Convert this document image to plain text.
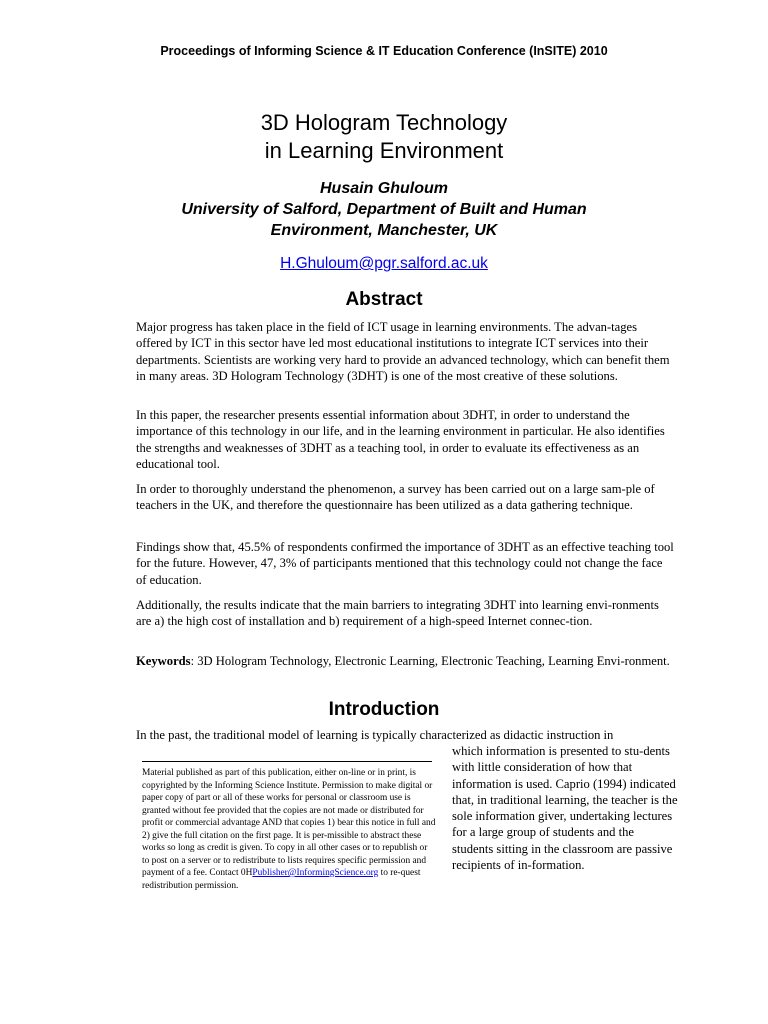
Proceedings of Informing Science & IT Education Conference (InSITE) 2010
3D Hologram Technology
in Learning Environment
Husain Ghuloum
University of Salford, Department of Built and Human
Environment, Manchester, UK
H.Ghuloum@pgr.salford.ac.uk
Abstract

Major progress has taken place in the field of ICT usage in learning environments. The advan-tages offered by ICT in this sector have led most educational institutions to integrate ICT services into their departments. Scientists are working very hard to provide an advanced technology, which can benefit them in many areas. 3D Hologram Technology (3DHT) is one of the most creative of these solutions.

In this paper, the researcher presents essential information about 3DHT, in order to understand the importance of this technology in our life, and in the learning environment in particular. He also identifies the strengths and weaknesses of 3DHT as a teaching tool, in order to evaluate its effectiveness as an educational tool.

In order to thoroughly understand the phenomenon, a survey has been carried out on a large sam-ple of teachers in the UK, and therefore the questionnaire has been utilized as a data gathering technique.

Findings show that, 45.5% of respondents confirmed the importance of 3DHT as an effective teaching tool for the future. However, 47, 3% of participants mentioned that this technology could not change the face of education.

Additionally, the results indicate that the main barriers to integrating 3DHT into learning envi-ronments are a) the high cost of installation and b) requirement of a high-speed Internet connec-tion.

Keywords: 3D Hologram Technology, Electronic Learning, Electronic Teaching, Learning Envi-ronment.

Introduction
In the past, the traditional model of learning is typically characterized as didactic instruction in
which information is presented to stu-dents with little consideration of how that information is used. Caprio (1994) indicated that, in traditional learning, the teacher is the sole information giver, undertaking lectures for a large group of students and the students sitting in the classroom are passive recipients of in-formation.
Material published as part of this publication, either on-line or in print, is copyrighted by the Informing Science Institute. Permission to make digital or paper copy of part or all of these works for personal or classroom use is granted without fee provided that the copies are not made or distributed for profit or commercial advantage AND that copies 1) bear this notice in full and 2) give the full citation on the first page. It is per-missible to abstract these works so long as credit is given. To copy in all other cases or to republish or to post on a server or to redistribute to lists requires specific permission and payment of a fee. Contact 0HPublisher@InformingScience.org to re-quest redistribution permission.
